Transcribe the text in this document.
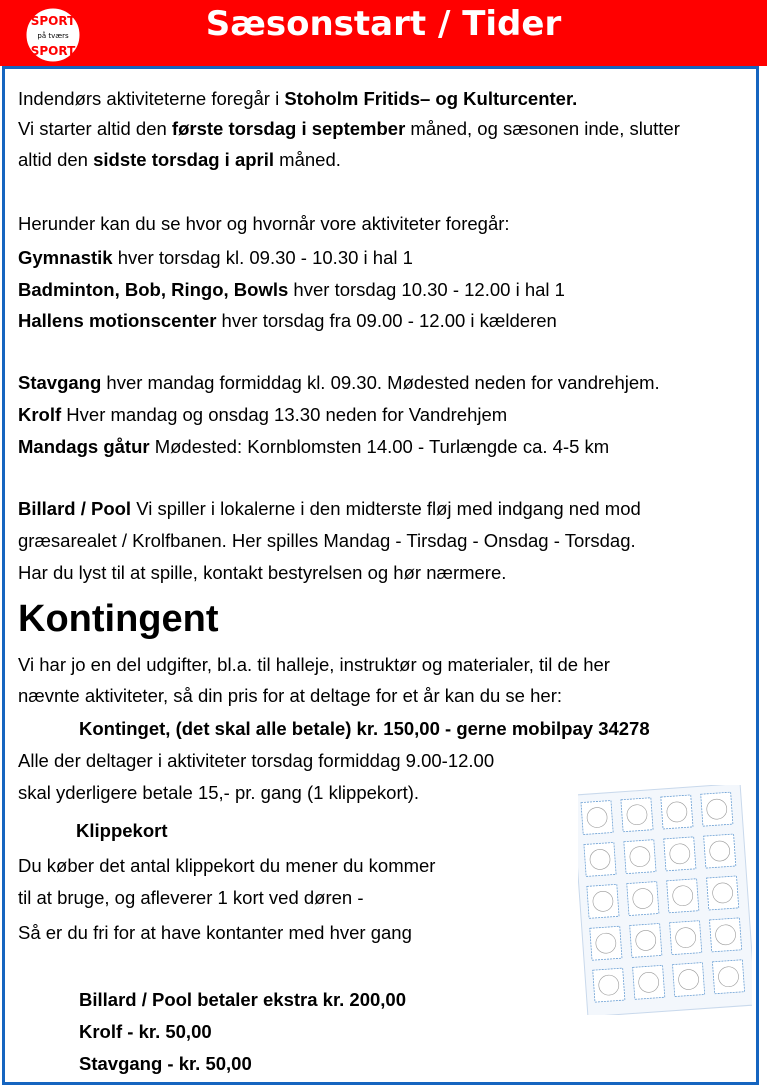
SPORT
på tværs
SPORT
Sæsonstart / Tider
Indendørs aktiviteterne foregår i Stoholm Fritids– og Kulturcenter.
Vi starter altid den første torsdag i september måned, og sæsonen inde, slutter
altid den sidste torsdag i april måned.
Herunder kan du se hvor og hvornår vore aktiviteter foregår:
Gymnastik hver torsdag kl. 09.30 - 10.30 i hal 1
Badminton, Bob, Ringo, Bowls hver torsdag 10.30 - 12.00 i hal 1
Hallens motionscenter hver torsdag fra 09.00 - 12.00 i kælderen
Stavgang hver mandag formiddag kl. 09.30. Mødested neden for vandrehjem.
Krolf Hver mandag og onsdag 13.30 neden for Vandrehjem
Mandags gåtur Mødested: Kornblomsten 14.00 - Turlængde ca. 4-5 km
Billard / Pool Vi spiller i lokalerne i den midterste fløj med indgang ned mod
græsarealet / Krolfbanen. Her spilles Mandag - Tirsdag - Onsdag - Torsdag.
Har du lyst til at spille, kontakt bestyrelsen og hør nærmere.
Kontingent
Vi har jo en del udgifter, bl.a. til halleje, instruktør og materialer, til de her
nævnte aktiviteter, så din pris for at deltage for et år kan du se her:
Kontinget, (det skal alle betale) kr. 150,00 - gerne mobilpay 34278
Alle der deltager i aktiviteter torsdag formiddag 9.00-12.00
skal yderligere betale 15,- pr. gang (1 klippekort).
Klippekort
Du køber det antal klippekort du mener du kommer
til at bruge, og afleverer 1 kort ved døren -
Så er du fri for at have kontanter med hver gang
Billard / Pool betaler ekstra kr. 200,00
Krolf - kr. 50,00
Stavgang - kr. 50,00
